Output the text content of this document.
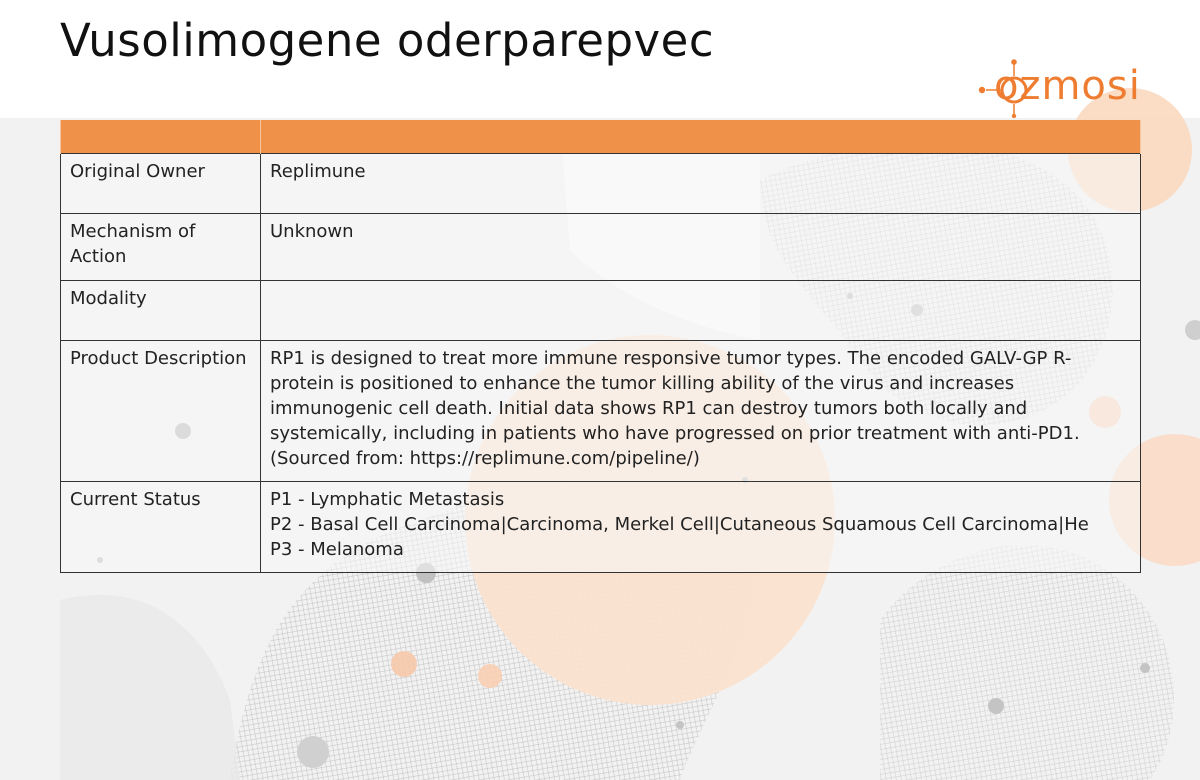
Vusolimogene oderparepvec
ozmosi

Original Owner	Replimune
Mechanism of Action	Unknown
Modality	
Product Description	RP1 is designed to treat more immune responsive tumor types. The encoded GALV-GP R-protein is positioned to enhance the tumor killing ability of the virus and increases immunogenic cell death. Initial data shows RP1 can destroy tumors both locally and systemically, including in patients who have progressed on prior treatment with anti-PD1. (Sourced from: https://replimune.com/pipeline/)
Current Status	P1 - Lymphatic Metastasis
P2 - Basal Cell Carcinoma|Carcinoma, Merkel Cell|Cutaneous Squamous Cell Carcinoma|He
P3 - Melanoma
